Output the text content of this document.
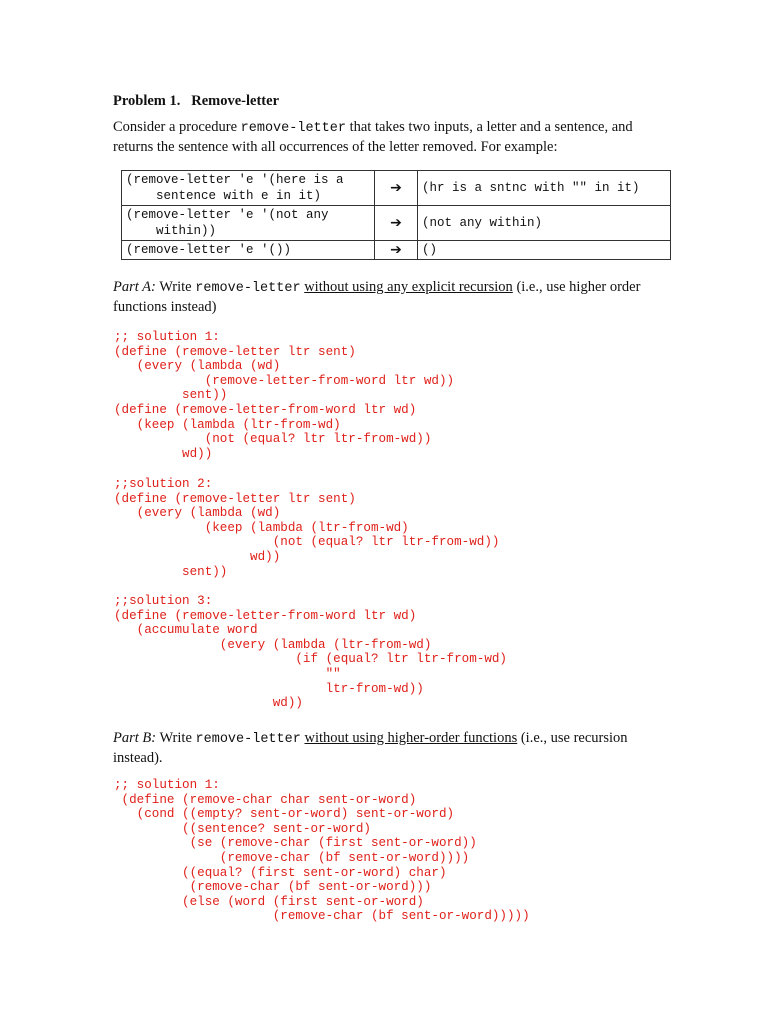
Problem 1.   Remove-letter
Consider a procedure remove-letter that takes two inputs, a letter and a sentence, and
returns the sentence with all occurrences of the letter removed. For example:
(remove-letter 'e '(here is a
sentence with e in it)	➔	(hr is a sntnc with "" in it)
(remove-letter 'e '(not any
within))	➔	(not any within)
(remove-letter 'e '())	➔	()
Part A: Write remove-letter without using any explicit recursion (i.e., use higher order
functions instead)
;; solution 1:
(define (remove-letter ltr sent)
(every (lambda (wd)
(remove-letter-from-word ltr wd))
sent))
(define (remove-letter-from-word ltr wd)
(keep (lambda (ltr-from-wd)
(not (equal? ltr ltr-from-wd))
wd))
;;solution 2:
(define (remove-letter ltr sent)
(every (lambda (wd)
(keep (lambda (ltr-from-wd)
(not (equal? ltr ltr-from-wd))
wd))
sent))
;;solution 3:
(define (remove-letter-from-word ltr wd)
(accumulate word
(every (lambda (ltr-from-wd)
(if (equal? ltr ltr-from-wd)
""
ltr-from-wd))
wd))
Part B: Write remove-letter without using higher-order functions (i.e., use recursion
instead).
;; solution 1:
(define (remove-char char sent-or-word)
(cond ((empty? sent-or-word) sent-or-word)
((sentence? sent-or-word)
(se (remove-char (first sent-or-word))
(remove-char (bf sent-or-word))))
((equal? (first sent-or-word) char)
(remove-char (bf sent-or-word)))
(else (word (first sent-or-word)
(remove-char (bf sent-or-word)))))
